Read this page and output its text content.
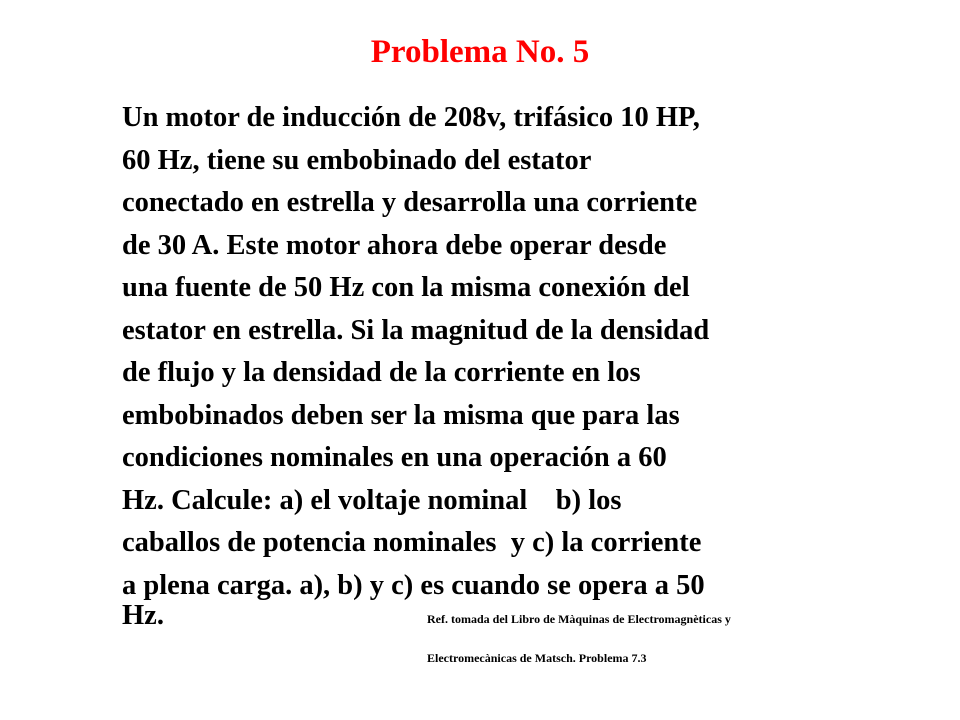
Problema No. 5
Un motor de inducción de 208v, trifásico 10 HP,
60 Hz, tiene su embobinado del estator
conectado en estrella y desarrolla una corriente
de 30 A. Este motor ahora debe operar desde
una fuente de 50 Hz con la misma conexión del
estator en estrella. Si la magnitud de la densidad
de flujo y la densidad de la corriente en los
embobinados deben ser la misma que para las
condiciones nominales en una operación a 60
Hz. Calcule: a) el voltaje nominal    b) los
caballos de potencia nominales  y c) la corriente
a plena carga. a), b) y c) es cuando se opera a 50
Hz.	Ref. tomada del Libro de Màquinas de Electromagnèticas y
Electromecànicas de Matsch. Problema 7.3
